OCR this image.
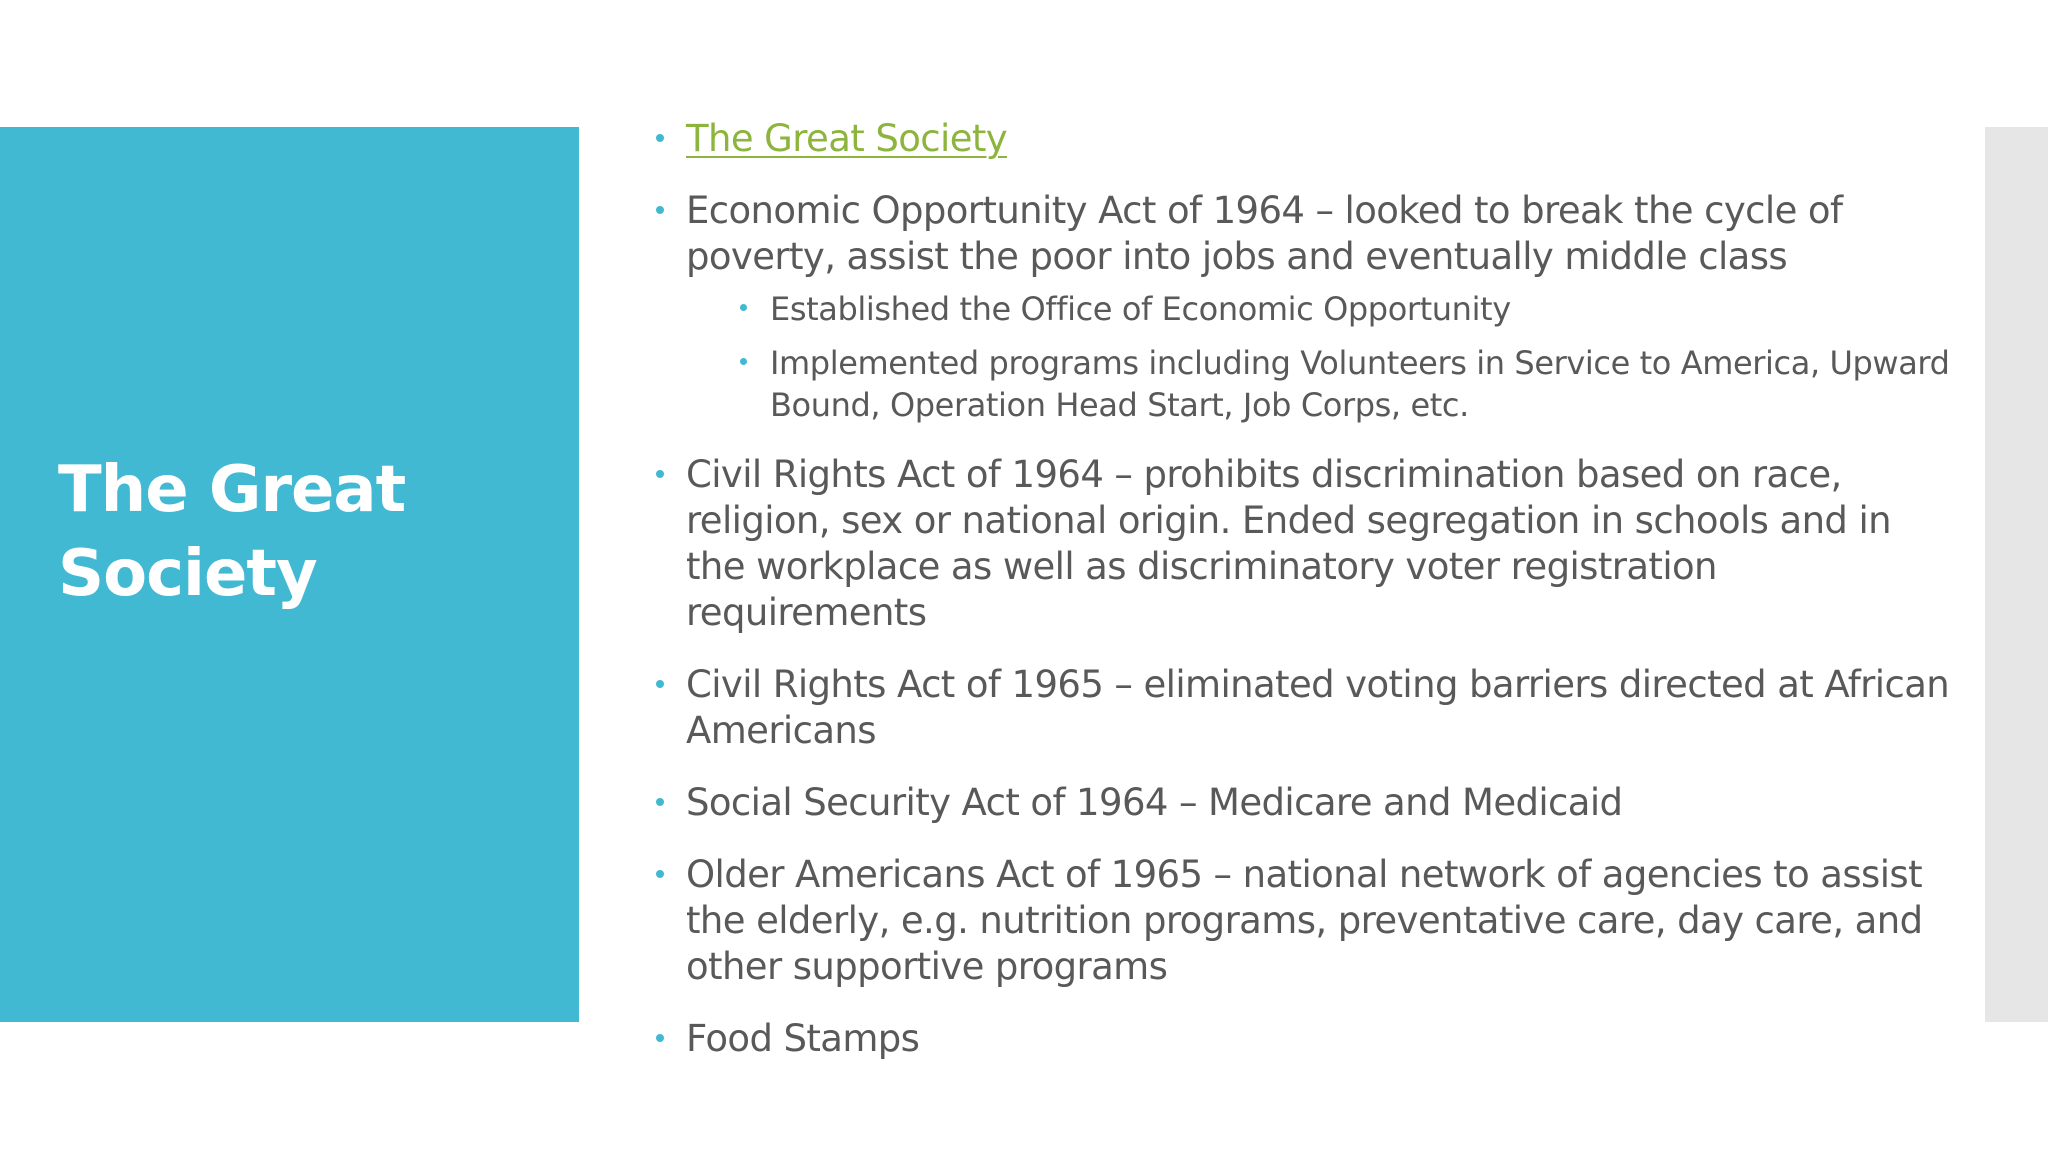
The Great
Society
The Great Society
Economic Opportunity Act of 1964 – looked to break the cycle of poverty, assist the poor into jobs and eventually middle class
Established the Office of Economic Opportunity
Implemented programs including Volunteers in Service to America, Upward Bound, Operation Head Start, Job Corps, etc.
Civil Rights Act of 1964 – prohibits discrimination based on race, religion, sex or national origin. Ended segregation in schools and in the workplace as well as discriminatory voter registration requirements
Civil Rights Act of 1965 – eliminated voting barriers directed at African Americans
Social Security Act of 1964 – Medicare and Medicaid
Older Americans Act of 1965 – national network of agencies to assist the elderly, e.g. nutrition programs, preventative care, day care, and other supportive programs
Food Stamps
